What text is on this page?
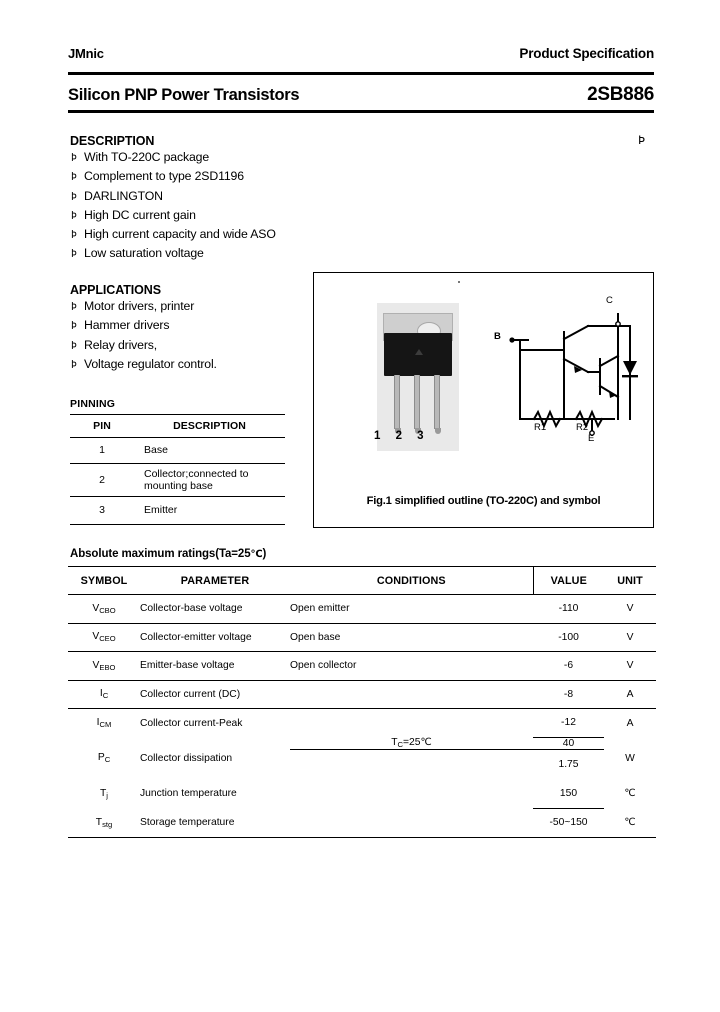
JMnic	Product Specification
Silicon PNP Power Transistors	2SB886
DESCRIPTION
Þ With TO-220C package
Þ Complement to type 2SD1196
Þ DARLINGTON
Þ High DC current gain
Þ High current capacity and wide ASO
Þ Low saturation voltage
Þ
APPLICATIONS
Þ Motor drivers, printer
Þ Hammer drivers
Þ Relay drivers,
Þ Voltage regulator control.
PINNING
PIN	DESCRIPTION
1	Base
2	Collector;connected to mounting base
3	Emitter
1 2 3
C
B
E
R1	R2
Fig.1 simplified outline (TO-220C) and symbol
Absolute maximum ratings(Ta=25℃)
SYMBOL	PARAMETER	CONDITIONS	VALUE	UNIT
$V_{CBO}$	Collector-base voltage	Open emitter	-110	V
$V_{CEO}$	Collector-emitter voltage	Open base	-100	V
$V_{EBO}$	Emitter-base voltage	Open collector	-6	V
$I_C$	Collector current (DC)		-8	A
$I_{CM}$	Collector current-Peak		-12	A
$P_C$	Collector dissipation	$T_C=25℃$	40	W
			1.75	
$T_j$	Junction temperature		150	℃
$T_{stg}$	Storage temperature		-50~150	℃
